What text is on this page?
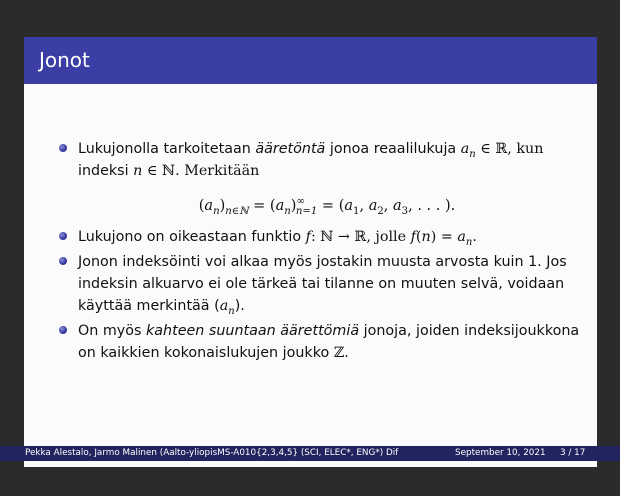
Jonot
Lukujonolla tarkoitetaan ääretöntä jonoa reaalilukuja $a_n$ ∈ ℝ, kun
indeksi n ∈ ℕ. Merkitään
$(a_n)_{n\in ℕ} = (a_n)^\infty_{n=1} = (a_1$, $a_2$, $a_3$, . . . ).
Lukujono on oikeastaan funktio f: ℕ → ℝ, jolle $f(n) = a_n$.
Jonon indeksöinti voi alkaa myös jostakin muusta arvosta kuin 1. Jos
indeksin alkuarvo ei ole tärkeä tai tilanne on muuten selvä, voidaan
käyttää merkintää $(a_n)$.
On myös kahteen suuntaan äärettömiä jonoja, joiden indeksijoukkona
on kaikkien kokonaislukujen joukko ℤ.
Pekka Alestalo, Jarmo Malinen (Aalto-yliopisMS-A010{2,3,4,5} (SCI, ELEC*, ENG*) Dif	September 10, 2021 3 / 17
